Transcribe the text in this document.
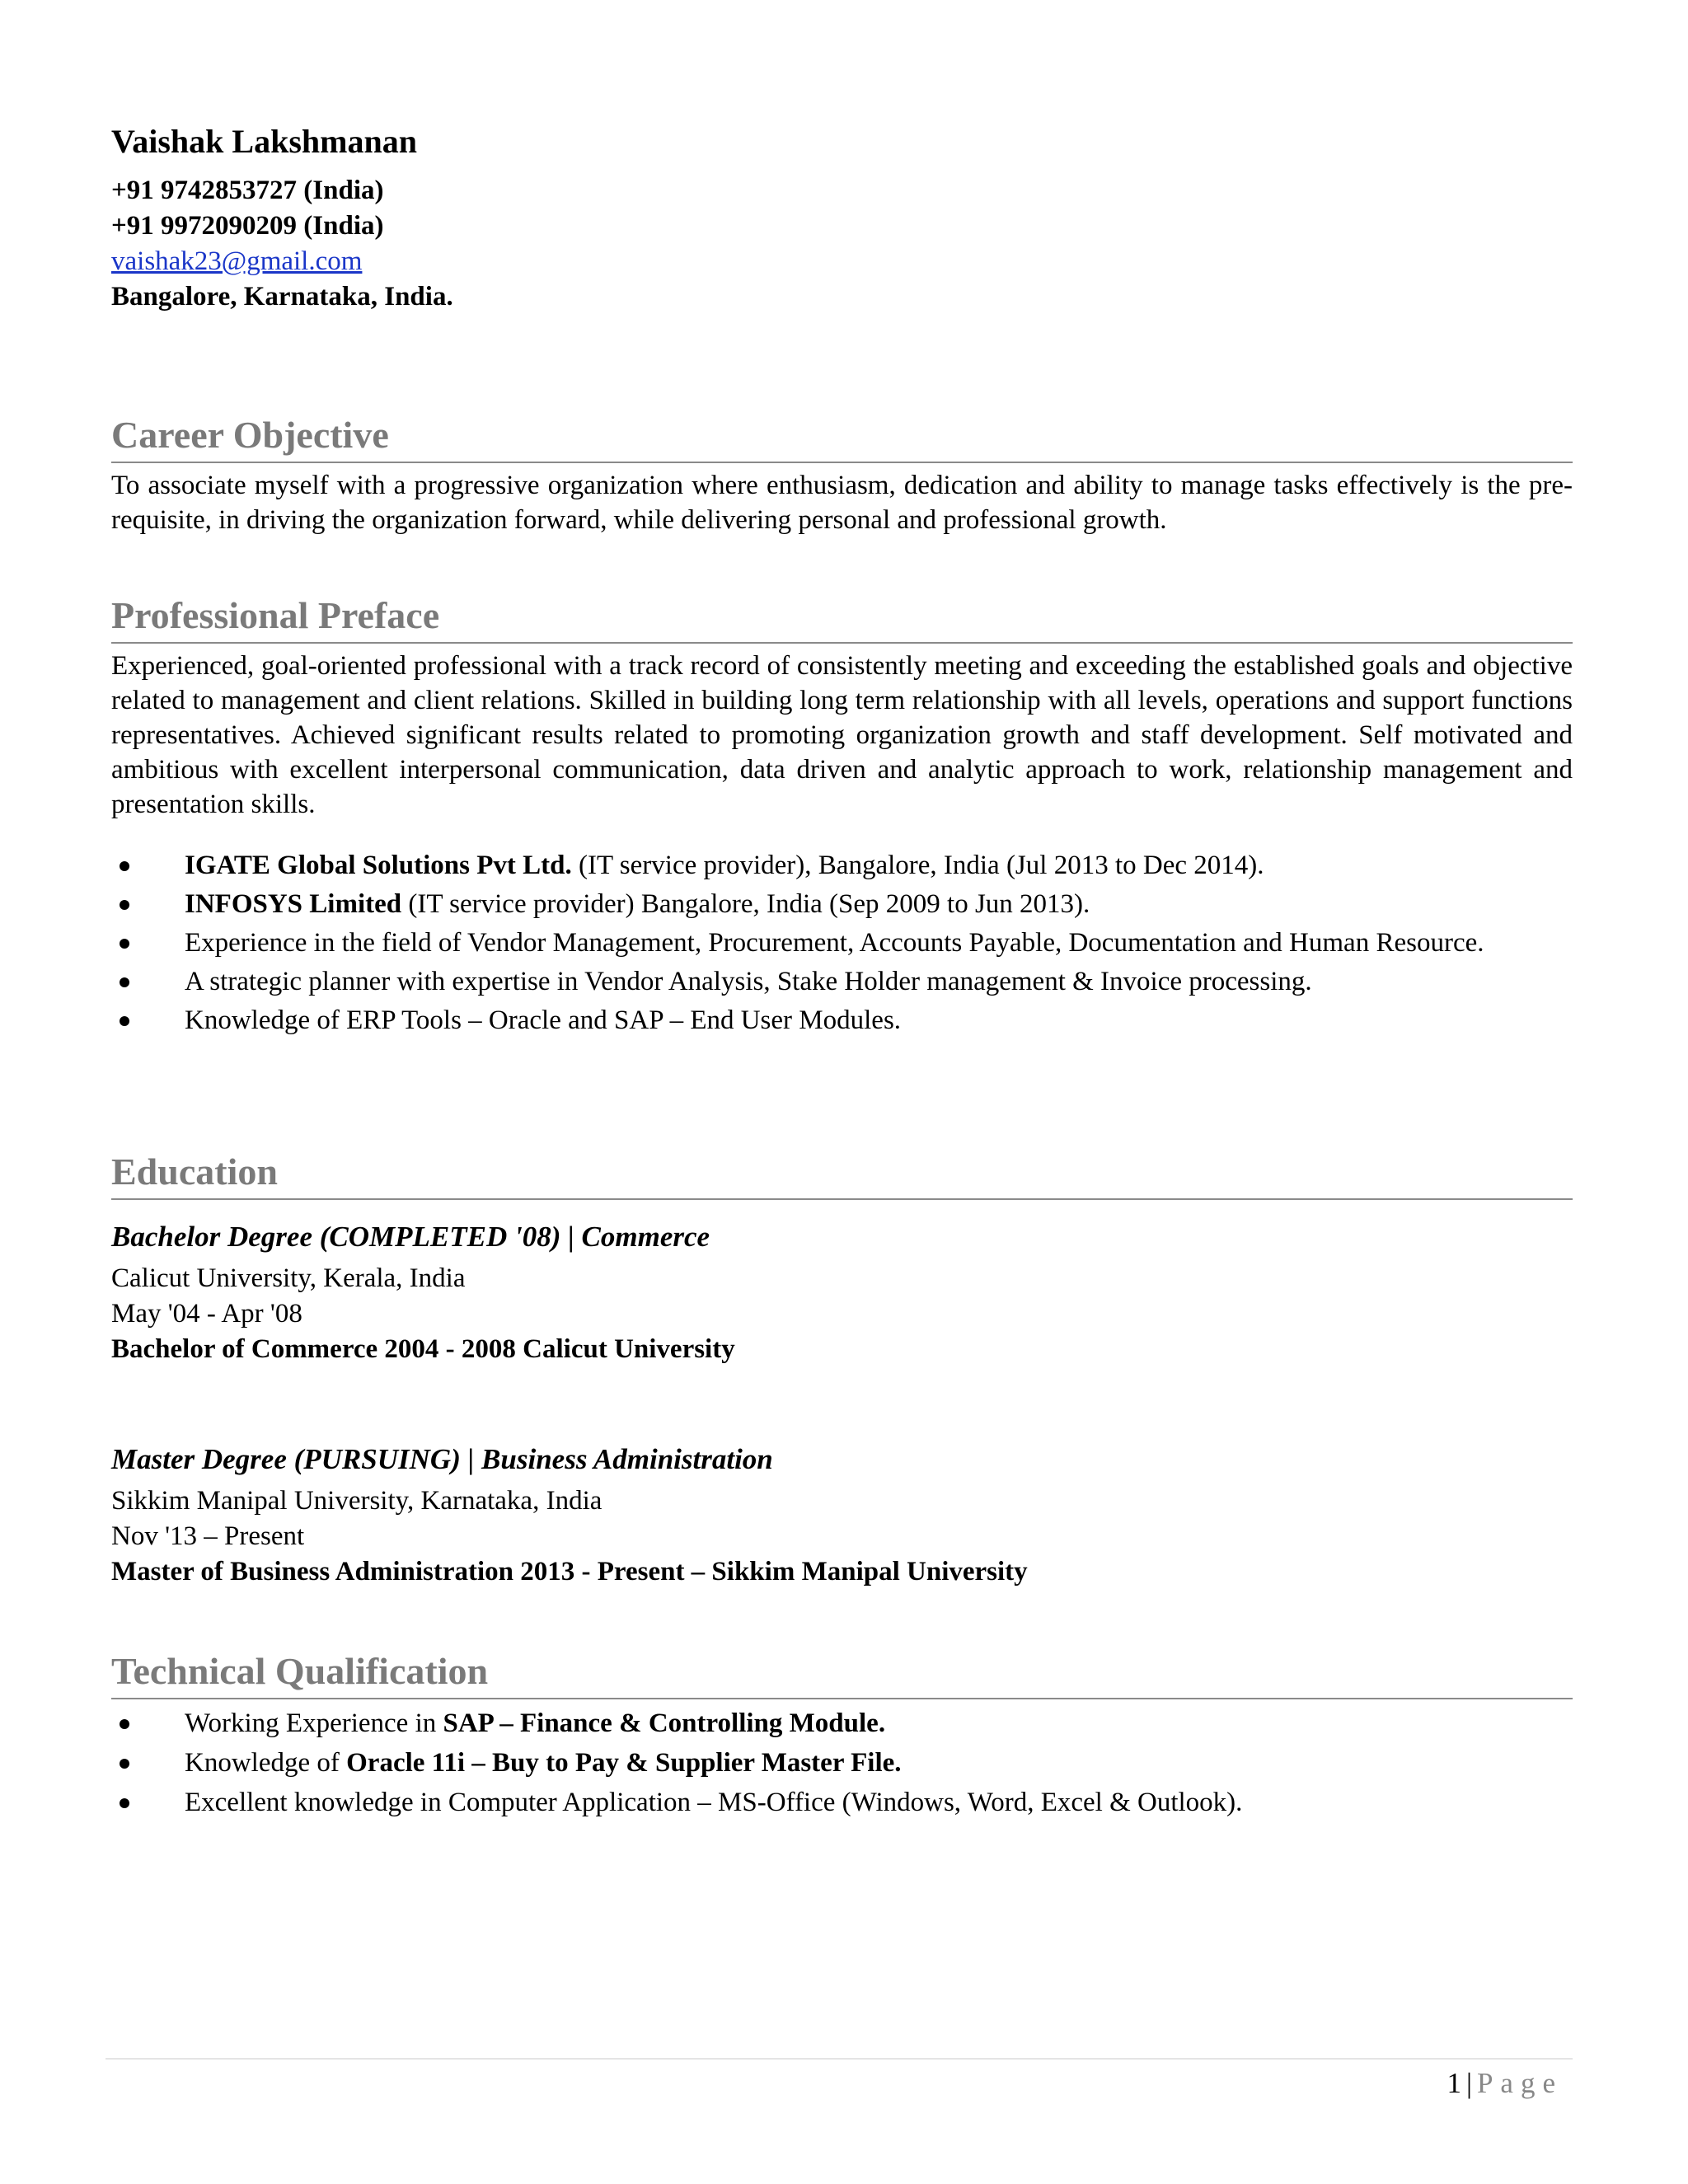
Vaishak Lakshmanan
+91 9742853727 (India)
+91 9972090209 (India)
vaishak23@gmail.com
Bangalore, Karnataka, India.
Career Objective

To associate myself with a progressive organization where enthusiasm, dedication and ability to manage tasks effectively is the pre-requisite, in driving the organization forward, while delivering personal and professional growth.

Professional Preface

Experienced, goal-oriented professional with a track record of consistently meeting and exceeding the established goals and objective related to management and client relations. Skilled in building long term relationship with all levels, operations and support functions representatives. Achieved significant results related to promoting organization growth and staff development. Self motivated and ambitious with excellent interpersonal communication, data driven and analytic approach to work, relationship management and presentation skills.

IGATE Global Solutions Pvt Ltd. (IT service provider), Bangalore, India (Jul 2013 to Dec 2014).
INFOSYS Limited (IT service provider) Bangalore, India (Sep 2009 to Jun 2013).
Experience in the field of Vendor Management, Procurement, Accounts Payable, Documentation and Human Resource.
A strategic planner with expertise in Vendor Analysis, Stake Holder management & Invoice processing.
Knowledge of ERP Tools – Oracle and SAP – End User Modules.
Education
Bachelor Degree (COMPLETED '08) | Commerce
Calicut University, Kerala, India
May '04 - Apr '08
Bachelor of Commerce 2004 - 2008 Calicut University
Master Degree (PURSUING) | Business Administration
Sikkim Manipal University, Karnataka, India
Nov '13 – Present
Master of Business Administration 2013 - Present – Sikkim Manipal University
Technical Qualification
Working Experience in SAP – Finance & Controlling Module.
Knowledge of Oracle 11i – Buy to Pay & Supplier Master File.
Excellent knowledge in Computer Application – MS-Office (Windows, Word, Excel & Outlook).
1 | Page
